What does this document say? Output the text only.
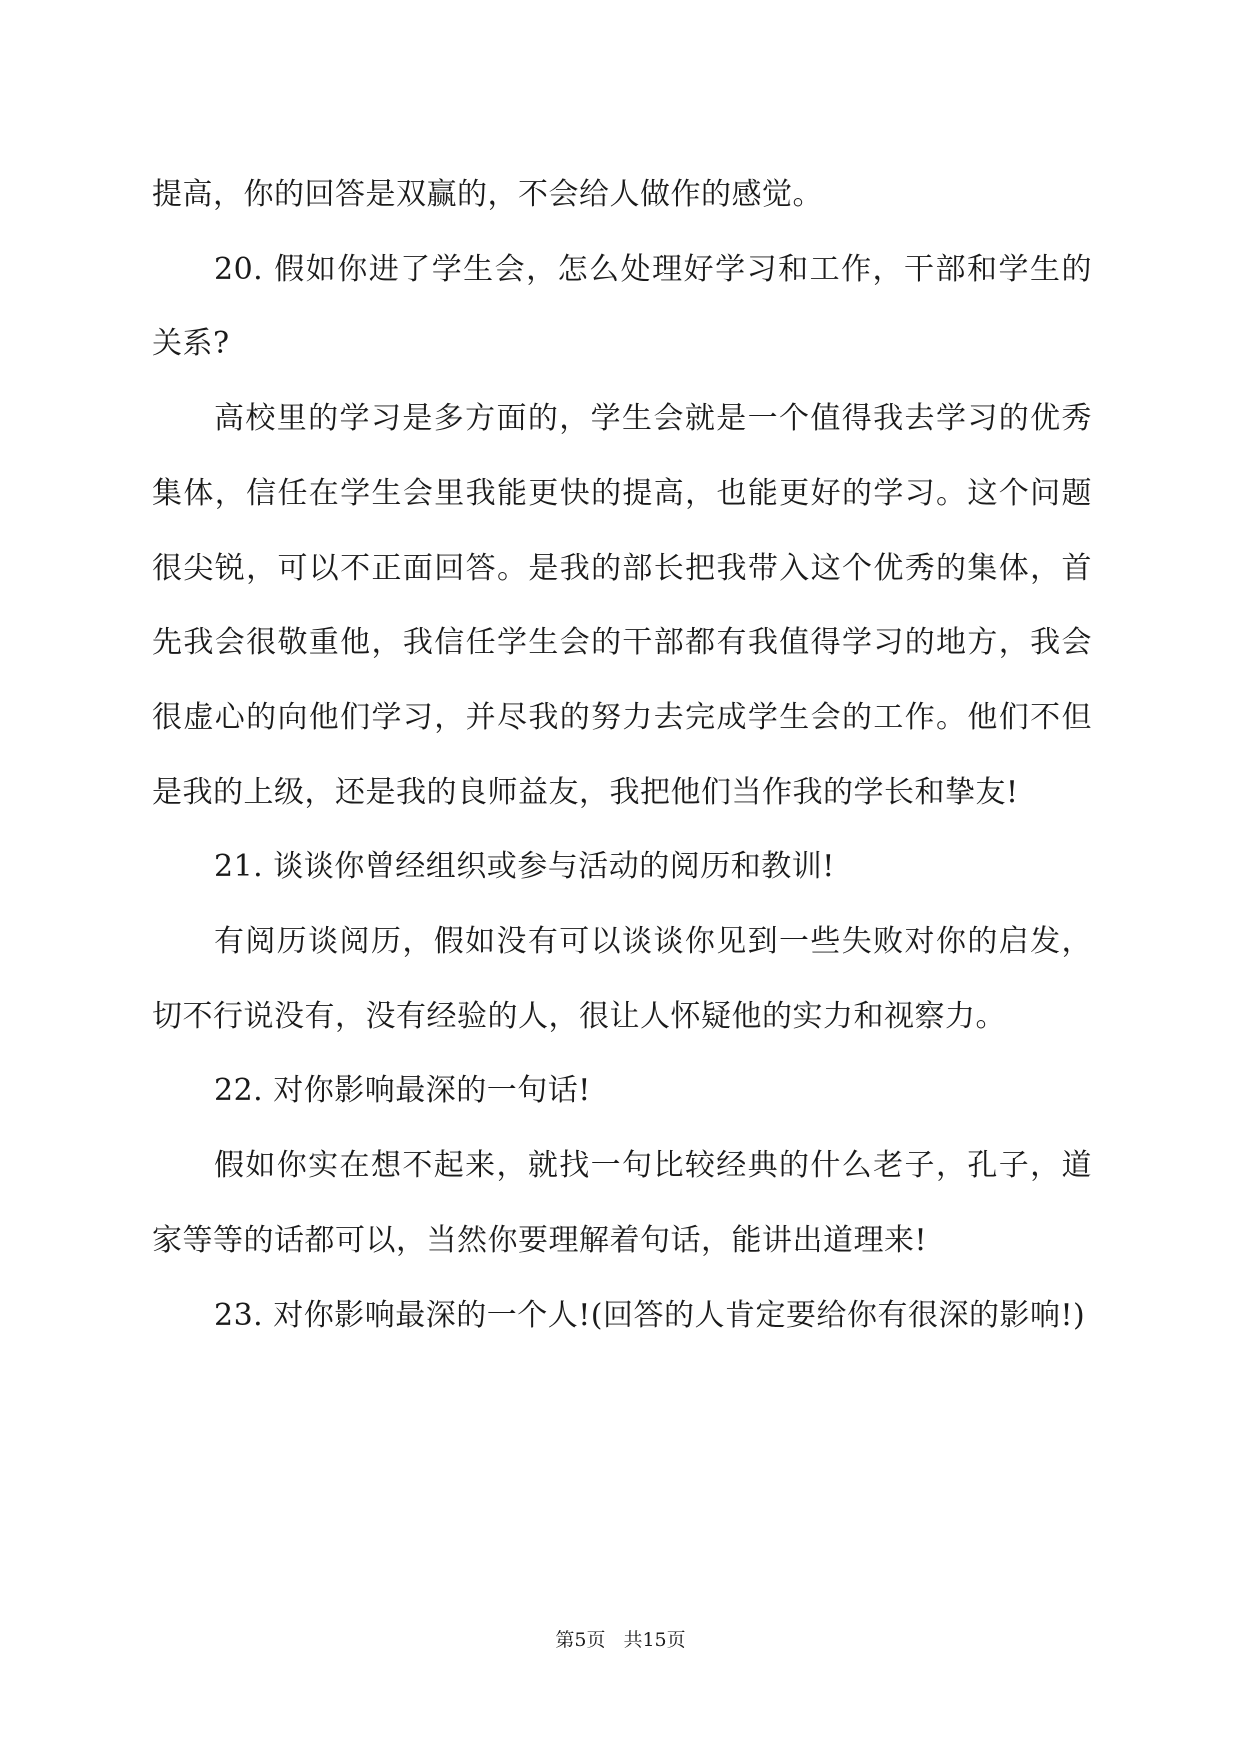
提高，你的回答是双赢的，不会给人做作的感觉。

20. 假如你进了学生会，怎么处理好学习和工作，干部和学生的关系?

高校里的学习是多方面的，学生会就是一个值得我去学习的优秀集体，信任在学生会里我能更快的提高，也能更好的学习。这个问题很尖锐，可以不正面回答。是我的部长把我带入这个优秀的集体，首先我会很敬重他，我信任学生会的干部都有我值得学习的地方，我会很虚心的向他们学习，并尽我的努力去完成学生会的工作。他们不但是我的上级，还是我的良师益友，我把他们当作我的学长和挚友!

21. 谈谈你曾经组织或参与活动的阅历和教训!

有阅历谈阅历，假如没有可以谈谈你见到一些失败对你的启发，切不行说没有，没有经验的人，很让人怀疑他的实力和视察力。

22. 对你影响最深的一句话!

假如你实在想不起来，就找一句比较经典的什么老子，孔子，道家等等的话都可以，当然你要理解着句话，能讲出道理来!

23. 对你影响最深的一个人!(回答的人肯定要给你有很深的影响!)

第5页 共15页
